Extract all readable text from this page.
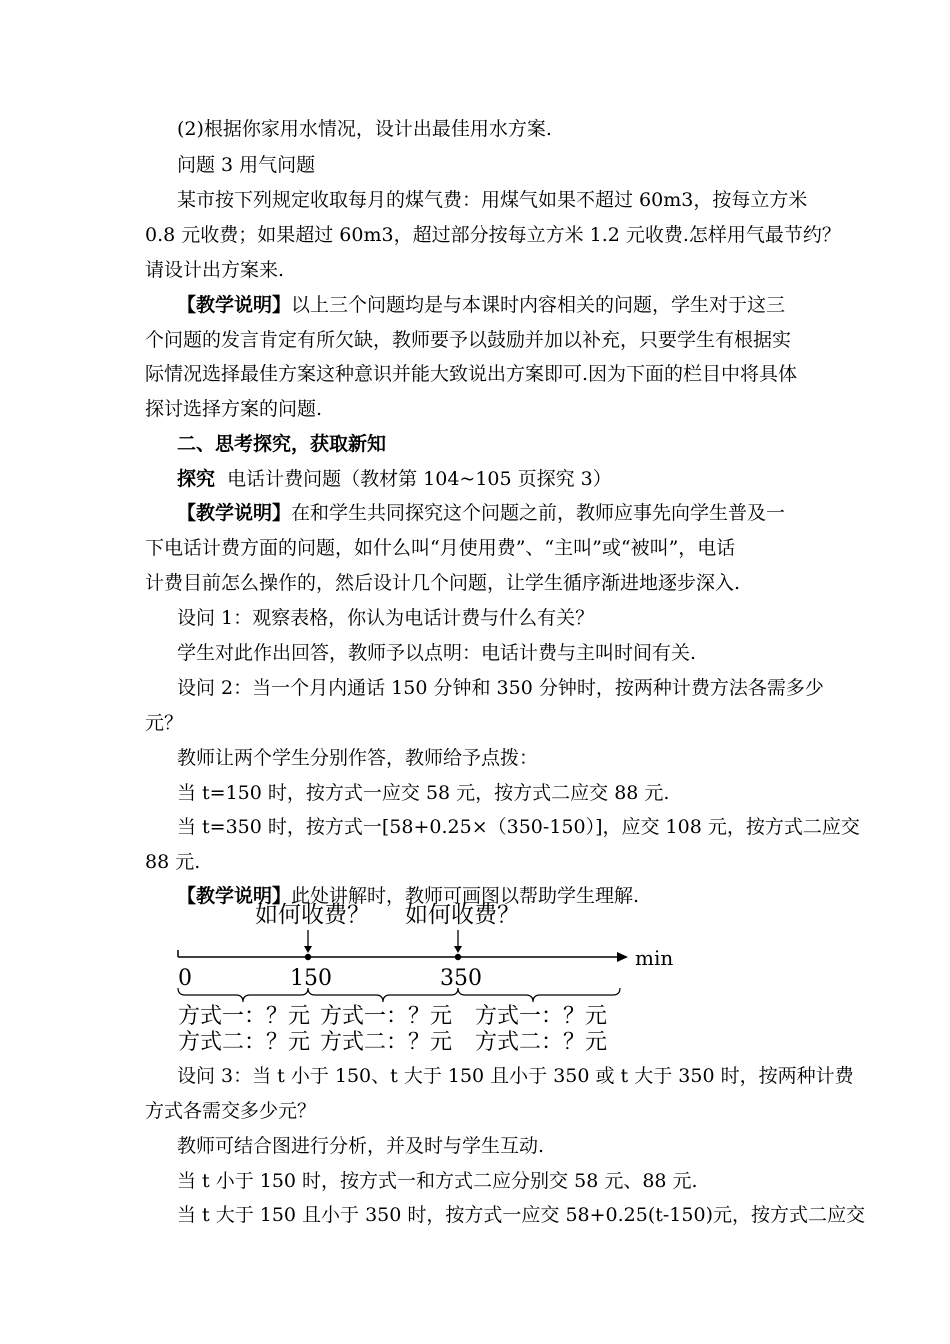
(2)根据你家用水情况，设计出最佳用水方案.
问题 3 用气问题
某市按下列规定收取每月的煤气费：用煤气如果不超过 60m3，按每立方米
0.8 元收费；如果超过 60m3，超过部分按每立方米 1.2 元收费.怎样用气最节约？
请设计出方案来.
【教学说明】以上三个问题均是与本课时内容相关的问题，学生对于这三
个问题的发言肯定有所欠缺，教师要予以鼓励并加以补充，只要学生有根据实
际情况选择最佳方案这种意识并能大致说出方案即可.因为下面的栏目中将具体
探讨选择方案的问题.
二、思考探究，获取新知
探究 电话计费问题（教材第 104~105 页探究 3）
【教学说明】在和学生共同探究这个问题之前，教师应事先向学生普及一
下电话计费方面的问题，如什么叫“月使用费”、“主叫”或“被叫”，电话
计费目前怎么操作的，然后设计几个问题，让学生循序渐进地逐步深入.
设问 1：观察表格，你认为电话计费与什么有关？
学生对此作出回答，教师予以点明：电话计费与主叫时间有关.
设问 2：当一个月内通话 150 分钟和 350 分钟时，按两种计费方法各需多少
元？
教师让两个学生分别作答，教师给予点拨：
当 t=150 时，按方式一应交 58 元，按方式二应交 88 元.
当 t=350 时，按方式一[58+0.25×（350-150）]，应交 108 元，按方式二应交
88 元.
【教学说明】此处讲解时，教师可画图以帮助学生理解.
如何收费？ 如何收费？
min
0	150	350
方式一：？元
方式二：？元
方式一：？元
方式二：？元
方式一：？元
方式二：？元
设问 3：当 t 小于 150、t 大于 150 且小于 350 或 t 大于 350 时，按两种计费
方式各需交多少元？
教师可结合图进行分析，并及时与学生互动.
当 t 小于 150 时，按方式一和方式二应分别交 58 元、88 元.
当 t 大于 150 且小于 350 时，按方式一应交 58+0.25(t-150)元，按方式二应交
